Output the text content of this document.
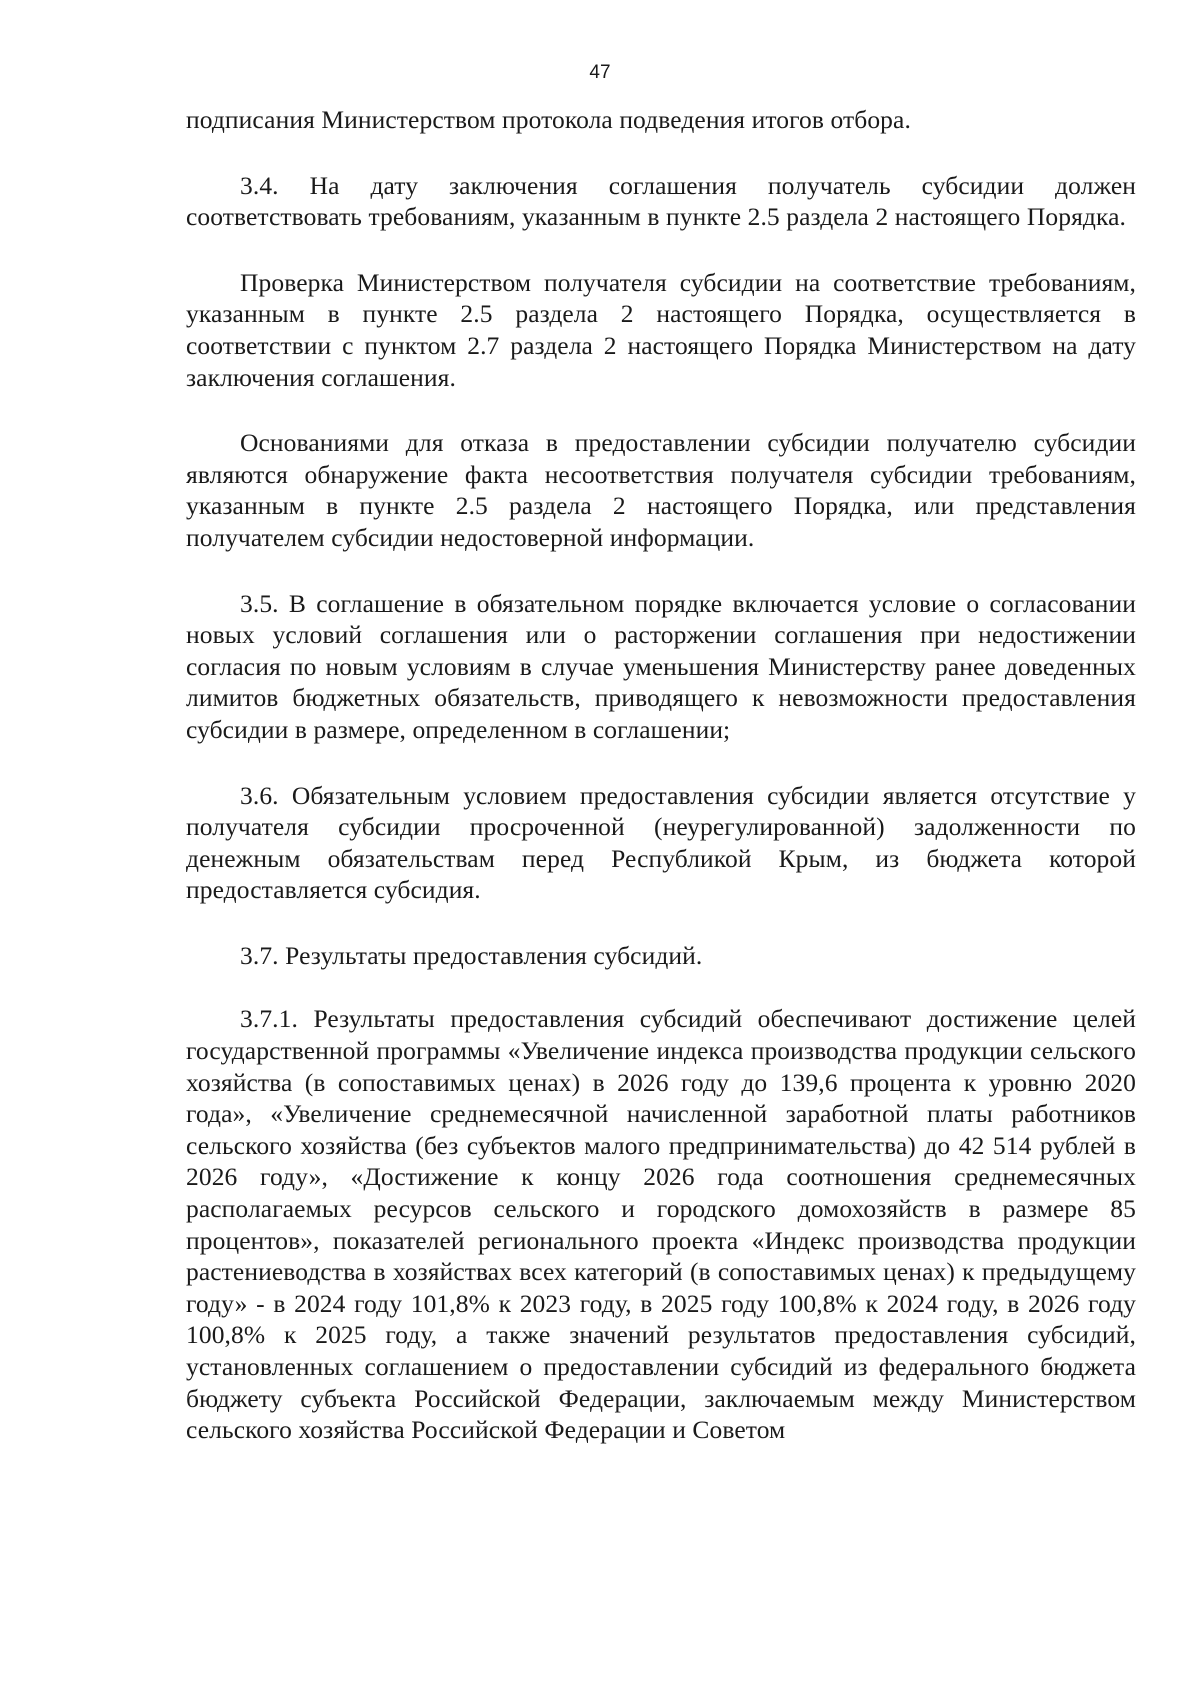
47

подписания Министерством протокола подведения итогов отбора.

3.4. На дату заключения соглашения получатель субсидии должен соответствовать требованиям, указанным в пункте 2.5 раздела 2 настоящего Порядка.

Проверка Министерством получателя субсидии на соответствие требованиям, указанным в пункте 2.5 раздела 2 настоящего Порядка, осуществляется в соответствии с пунктом 2.7 раздела 2 настоящего Порядка Министерством на дату заключения соглашения.

Основаниями для отказа в предоставлении субсидии получателю субсидии являются обнаружение факта несоответствия получателя субсидии требованиям, указанным в пункте 2.5 раздела 2 настоящего Порядка, или представления получателем субсидии недостоверной информации.

3.5. В соглашение в обязательном порядке включается условие о согласовании новых условий соглашения или о расторжении соглашения при недостижении согласия по новым условиям в случае уменьшения Министерству ранее доведенных лимитов бюджетных обязательств, приводящего к невозможности предоставления субсидии в размере, определенном в соглашении;

3.6. Обязательным условием предоставления субсидии является отсутствие у получателя субсидии просроченной (неурегулированной) задолженности по денежным обязательствам перед Республикой Крым, из бюджета которой предоставляется субсидия.

3.7. Результаты предоставления субсидий.

3.7.1. Результаты предоставления субсидий обеспечивают достижение целей государственной программы «Увеличение индекса производства продукции сельского хозяйства (в сопоставимых ценах) в 2026 году до 139,6 процента к уровню 2020 года», «Увеличение среднемесячной начисленной заработной платы работников сельского хозяйства (без субъектов малого предпринимательства) до 42 514 рублей в 2026 году», «Достижение к концу 2026 года соотношения среднемесячных располагаемых ресурсов сельского и городского домохозяйств в размере 85 процентов», показателей регионального проекта «Индекс производства продукции растениеводства в хозяйствах всех категорий (в сопоставимых ценах) к предыдущему году» - в 2024 году 101,8% к 2023 году, в 2025 году 100,8% к 2024 году, в 2026 году 100,8% к 2025 году, а также значений результатов предоставления субсидий, установленных соглашением о предоставлении субсидий из федерального бюджета бюджету субъекта Российской Федерации, заключаемым между Министерством сельского хозяйства Российской Федерации и Советом
